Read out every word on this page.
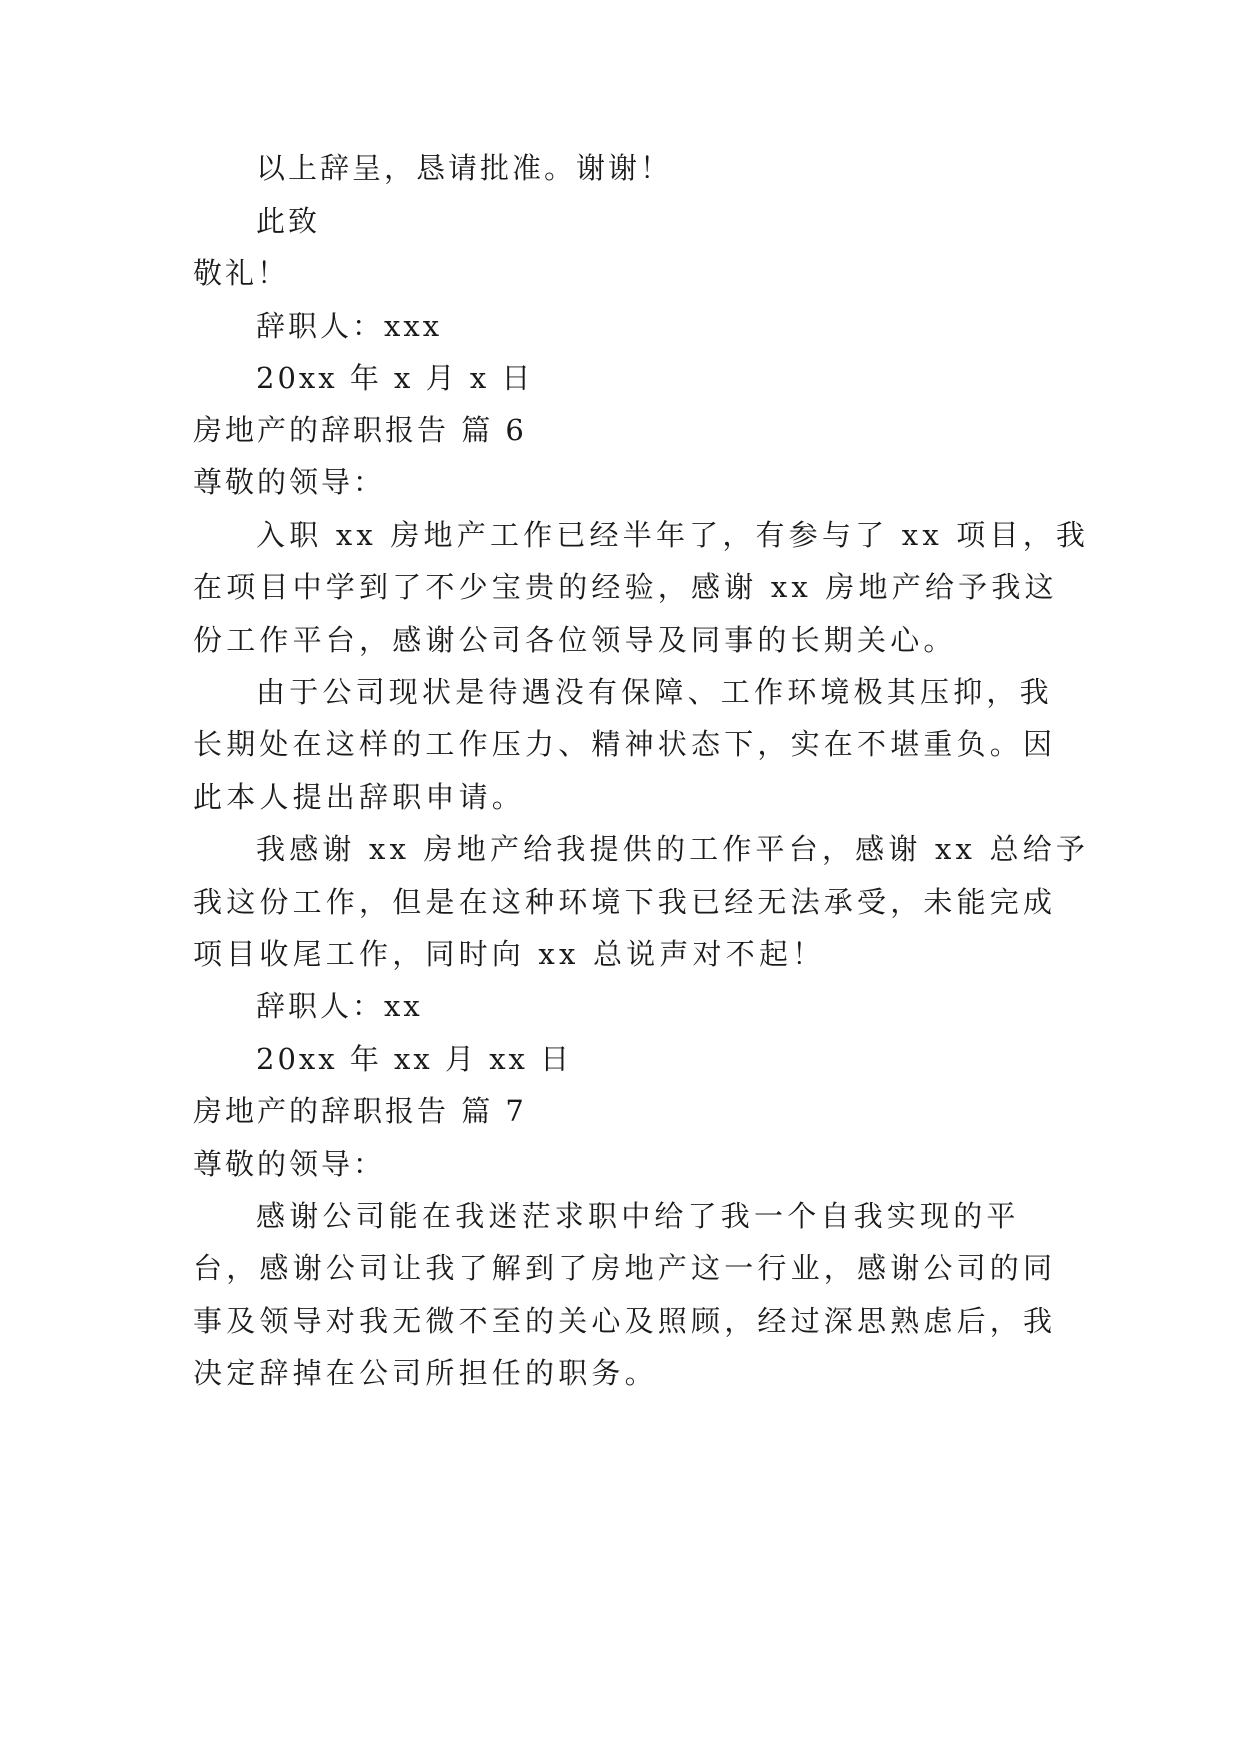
以上辞呈，恳请批准。谢谢！
此致
敬礼！
辞职人：xxx
20xx 年 x 月 x 日
房地产的辞职报告 篇 6
尊敬的领导：
入职 xx 房地产工作已经半年了，有参与了 xx 项目，我
在项目中学到了不少宝贵的经验，感谢 xx 房地产给予我这
份工作平台，感谢公司各位领导及同事的长期关心。
由于公司现状是待遇没有保障、工作环境极其压抑，我
长期处在这样的工作压力、精神状态下，实在不堪重负。因
此本人提出辞职申请。
我感谢 xx 房地产给我提供的工作平台，感谢 xx 总给予
我这份工作，但是在这种环境下我已经无法承受，未能完成
项目收尾工作，同时向 xx 总说声对不起！
辞职人：xx
20xx 年 xx 月 xx 日
房地产的辞职报告 篇 7
尊敬的领导：
感谢公司能在我迷茫求职中给了我一个自我实现的平
台，感谢公司让我了解到了房地产这一行业，感谢公司的同
事及领导对我无微不至的关心及照顾，经过深思熟虑后，我
决定辞掉在公司所担任的职务。
